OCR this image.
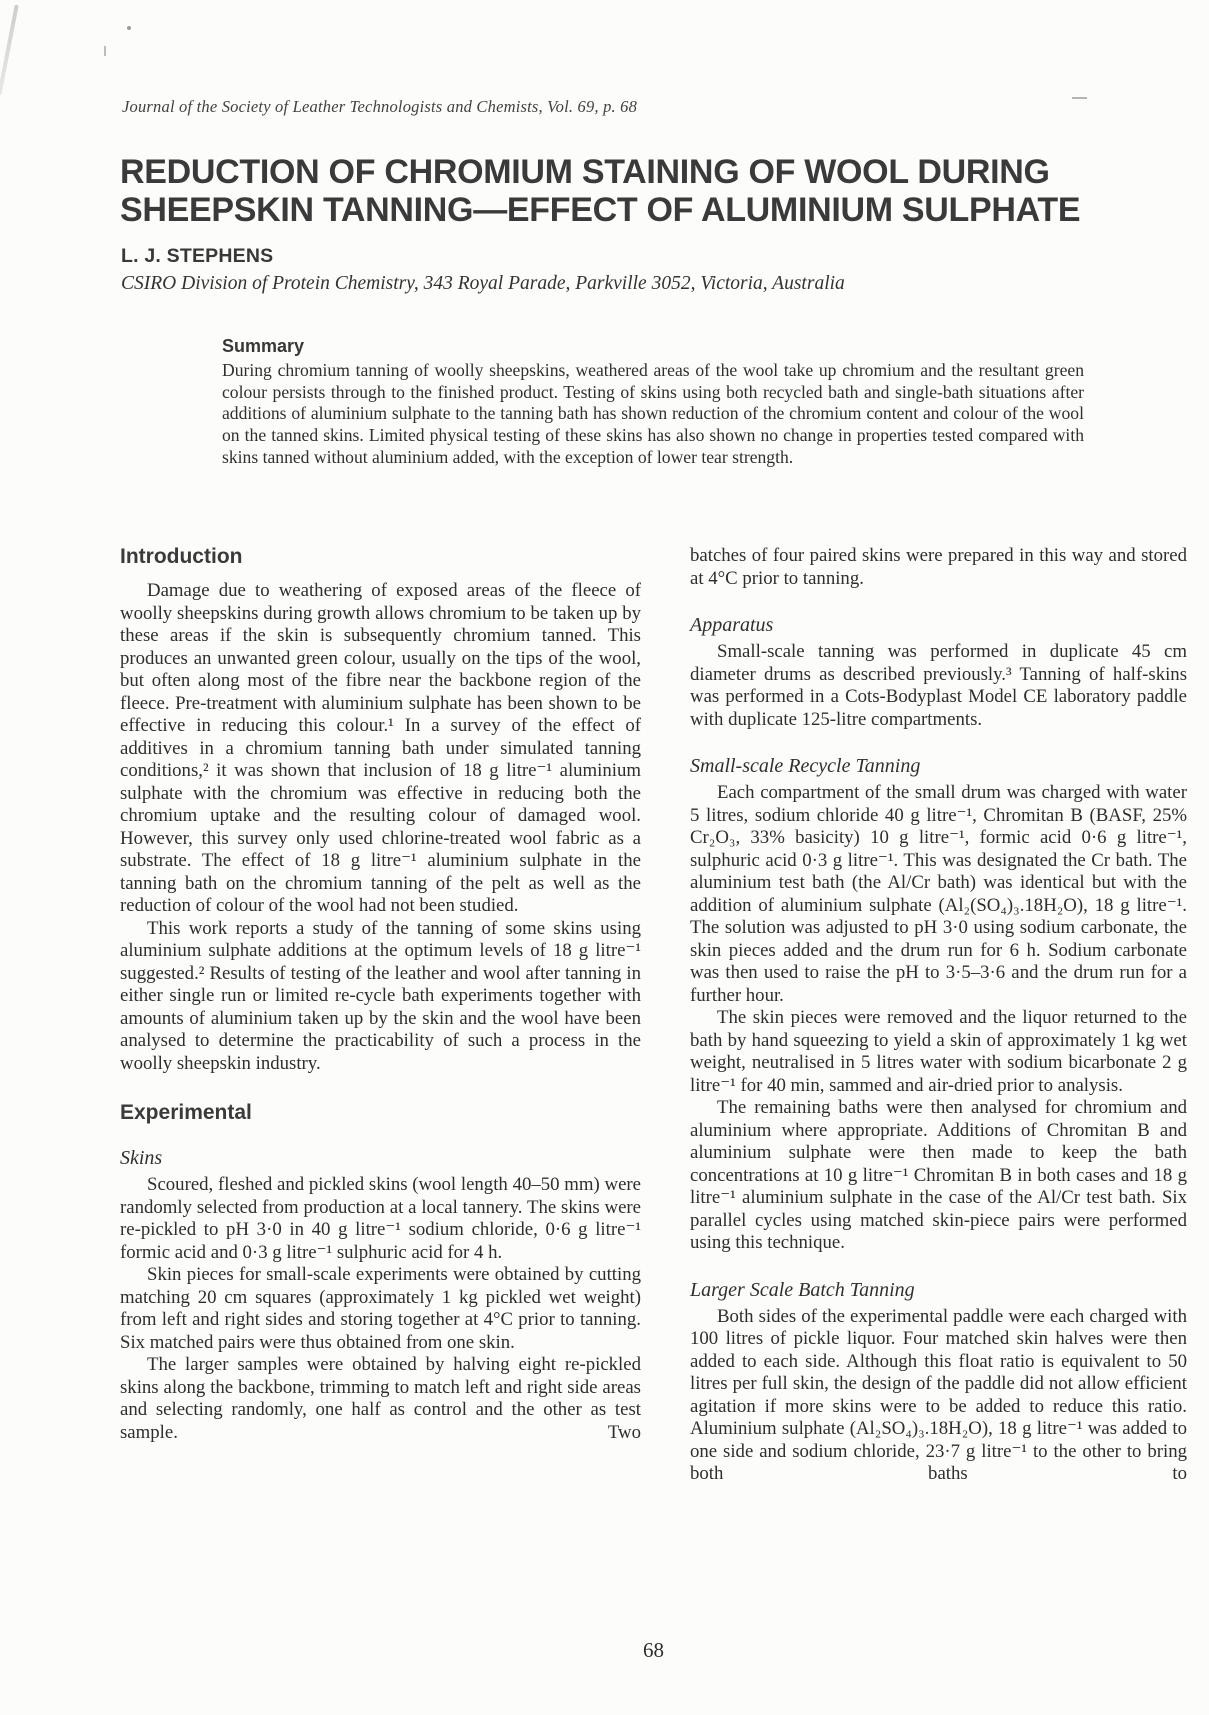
Journal of the Society of Leather Technologists and Chemists, Vol. 69, p. 68
REDUCTION OF CHROMIUM STAINING OF WOOL DURING
SHEEPSKIN TANNING—EFFECT OF ALUMINIUM SULPHATE
L. J. STEPHENS
CSIRO Division of Protein Chemistry, 343 Royal Parade, Parkville 3052, Victoria, Australia
Summary

During chromium tanning of woolly sheepskins, weathered areas of the wool take up chromium and the resultant green colour persists through to the finished product. Testing of skins using both recycled bath and single-bath situations after additions of aluminium sulphate to the tanning bath has shown reduction of the chromium content and colour of the wool on the tanned skins. Limited physical testing of these skins has also shown no change in properties tested compared with skins tanned without aluminium added, with the exception of lower tear strength.

Introduction

Damage due to weathering of exposed areas of the fleece of woolly sheepskins during growth allows chromium to be taken up by these areas if the skin is subsequently chromium tanned. This produces an unwanted green colour, usually on the tips of the wool, but often along most of the fibre near the backbone region of the fleece. Pre-treatment with aluminium sulphate has been shown to be effective in reducing this colour.¹ In a survey of the effect of additives in a chromium tanning bath under simulated tanning conditions,² it was shown that inclusion of 18 g litre⁻¹ aluminium sulphate with the chromium was effective in reducing both the chromium uptake and the resulting colour of damaged wool. However, this survey only used chlorine-treated wool fabric as a substrate. The effect of 18 g litre⁻¹ aluminium sulphate in the tanning bath on the chromium tanning of the pelt as well as the reduction of colour of the wool had not been studied.

This work reports a study of the tanning of some skins using aluminium sulphate additions at the optimum levels of 18 g litre⁻¹ suggested.² Results of testing of the leather and wool after tanning in either single run or limited re-cycle bath experiments together with amounts of aluminium taken up by the skin and the wool have been analysed to determine the practicability of such a process in the woolly sheepskin industry.

Experimental
Skins

Scoured, fleshed and pickled skins (wool length 40–50 mm) were randomly selected from production at a local tannery. The skins were re-pickled to pH 3·0 in 40 g litre⁻¹ sodium chloride, 0·6 g litre⁻¹ formic acid and 0·3 g litre⁻¹ sulphuric acid for 4 h.

Skin pieces for small-scale experiments were obtained by cutting matching 20 cm squares (approximately 1 kg pickled wet weight) from left and right sides and storing together at 4°C prior to tanning. Six matched pairs were thus obtained from one skin.

The larger samples were obtained by halving eight re-pickled skins along the backbone, trimming to match left and right side areas and selecting randomly, one half as control and the other as test sample. Two

batches of four paired skins were prepared in this way and stored at 4°C prior to tanning.

Apparatus

Small-scale tanning was performed in duplicate 45 cm diameter drums as described previously.³ Tanning of half-skins was performed in a Cots-Bodyplast Model CE laboratory paddle with duplicate 125-litre compartments.

Small-scale Recycle Tanning

Each compartment of the small drum was charged with water 5 litres, sodium chloride 40 g litre⁻¹, Chromitan B (BASF, 25% Cr₂O₃, 33% basicity) 10 g litre⁻¹, formic acid 0·6 g litre⁻¹, sulphuric acid 0·3 g litre⁻¹. This was designated the Cr bath. The aluminium test bath (the Al/Cr bath) was identical but with the addition of aluminium sulphate (Al₂(SO₄)₃.18H₂O), 18 g litre⁻¹. The solution was adjusted to pH 3·0 using sodium carbonate, the skin pieces added and the drum run for 6 h. Sodium carbonate was then used to raise the pH to 3·5–3·6 and the drum run for a further hour.

The skin pieces were removed and the liquor returned to the bath by hand squeezing to yield a skin of approximately 1 kg wet weight, neutralised in 5 litres water with sodium bicarbonate 2 g litre⁻¹ for 40 min, sammed and air-dried prior to analysis.

The remaining baths were then analysed for chromium and aluminium where appropriate. Additions of Chromitan B and aluminium sulphate were then made to keep the bath concentrations at 10 g litre⁻¹ Chromitan B in both cases and 18 g litre⁻¹ aluminium sulphate in the case of the Al/Cr test bath. Six parallel cycles using matched skin-piece pairs were performed using this technique.

Larger Scale Batch Tanning

Both sides of the experimental paddle were each charged with 100 litres of pickle liquor. Four matched skin halves were then added to each side. Although this float ratio is equivalent to 50 litres per full skin, the design of the paddle did not allow efficient agitation if more skins were to be added to reduce this ratio. Aluminium sulphate (Al₂SO₄)₃.18H₂O), 18 g litre⁻¹ was added to one side and sodium chloride, 23·7 g litre⁻¹ to the other to bring both baths to

68
